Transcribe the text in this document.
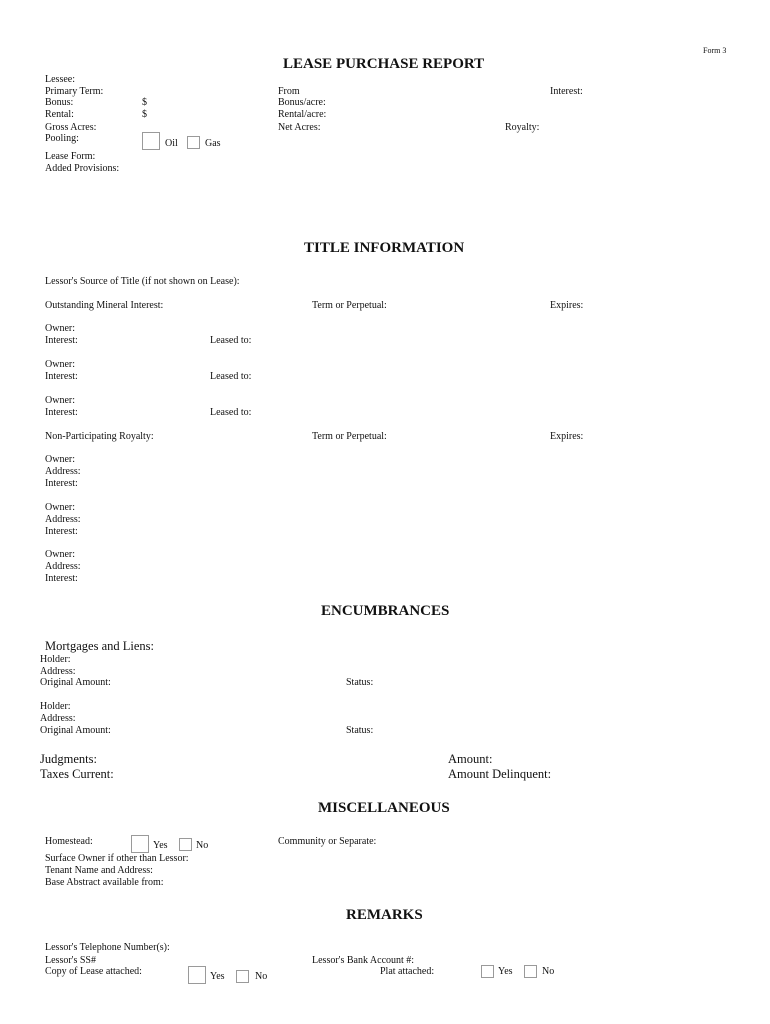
Form 3
LEASE PURCHASE REPORT
Lessee:
Primary Term:	From	Interest:
Bonus:	$	Bonus/acre:
Rental:	$	Rental/acre:
Gross Acres:	Net Acres:	Royalty:
Pooling:	Oil	Gas
Lease Form:
Added Provisions:
TITLE INFORMATION
Lessor's Source of Title (if not shown on Lease):
Outstanding Mineral Interest:	Term or Perpetual:	Expires:
Owner:
Interest:	Leased to:
Owner:
Interest:	Leased to:
Owner:
Interest:	Leased to:
Non-Participating Royalty:	Term or Perpetual:	Expires:
Owner:
Address:
Interest:
Owner:
Address:
Interest:
Owner:
Address:
Interest:
ENCUMBRANCES
Mortgages and Liens:
Holder:
Address:
Original Amount:	Status:
Holder:
Address:
Original Amount:	Status:
Judgments:	Amount:
Taxes Current:	Amount Delinquent:
MISCELLANEOUS
Homestead:	Yes	No	Community or Separate:
Surface Owner if other than Lessor:
Tenant Name and Address:
Base Abstract available from:
REMARKS
Lessor's Telephone Number(s):
Lessor's SS#	Lessor's Bank Account #:
Copy of Lease attached:	Yes	No	Plat attached:	Yes	No
